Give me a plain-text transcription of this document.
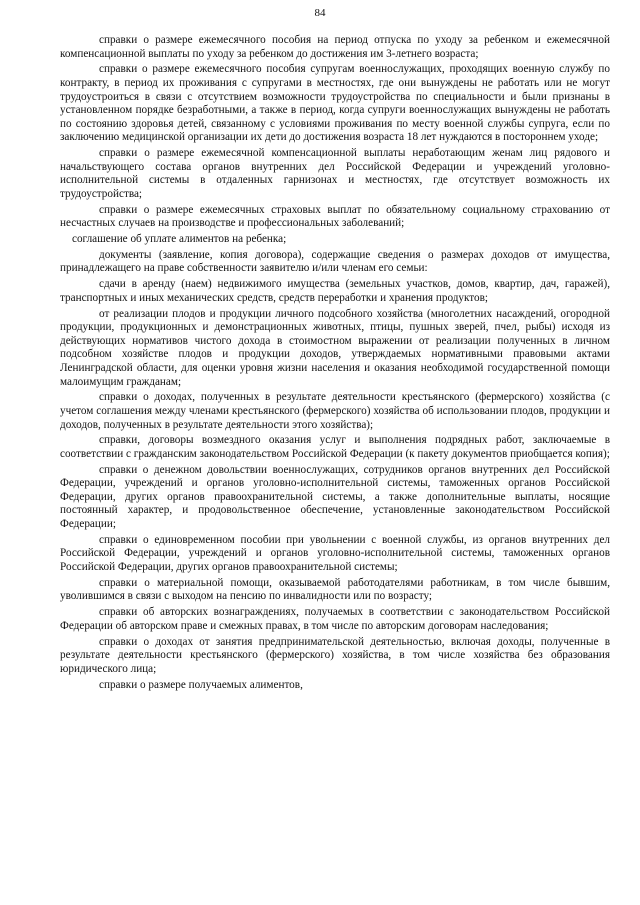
84

справки о размере ежемесячного пособия на период отпуска по уходу за ребенком и ежемесячной компенсационной выплаты по уходу за ребенком до достижения им 3-летнего возраста;

справки о размере ежемесячного пособия супругам военнослужащих, проходящих военную службу по контракту, в период их проживания с супругами в местностях, где они вынуждены не работать или не могут трудоустроиться в связи с отсутствием возможности трудоустройства по специальности и были признаны в установленном порядке безработными, а также в период, когда супруги военнослужащих вынуждены не работать по состоянию здоровья детей, связанному с условиями проживания по месту военной службы супруга, если по заключению медицинской организации их дети до достижения возраста 18 лет нуждаются в постороннем уходе;

справки о размере ежемесячной компенсационной выплаты неработающим женам лиц рядового и начальствующего состава органов внутренних дел Российской Федерации и учреждений уголовно-исполнительной системы в отдаленных гарнизонах и местностях, где отсутствует возможность их трудоустройства;

справки о размере ежемесячных страховых выплат по обязательному социальному страхованию от несчастных случаев на производстве и профессиональных заболеваний;

соглашение об уплате алиментов на ребенка;

документы (заявление, копия договора), содержащие сведения о размерах доходов от имущества, принадлежащего на праве собственности заявителю и/или членам его семьи:

сдачи в аренду (наем) недвижимого имущества (земельных участков, домов, квартир, дач, гаражей), транспортных и иных механических средств, средств переработки и хранения продуктов;

от реализации плодов и продукции личного подсобного хозяйства (многолетних насаждений, огородной продукции, продукционных и демонстрационных животных, птицы, пушных зверей, пчел, рыбы) исходя из действующих нормативов чистого дохода в стоимостном выражении от реализации полученных в личном подсобном хозяйстве плодов и продукции доходов, утверждаемых нормативными правовыми актами Ленинградской области, для оценки уровня жизни населения и оказания необходимой государственной помощи малоимущим гражданам;

справки о доходах, полученных в результате деятельности крестьянского (фермерского) хозяйства (с учетом соглашения между членами крестьянского (фермерского) хозяйства об использовании плодов, продукции и доходов, полученных в результате деятельности этого хозяйства);

справки, договоры возмездного оказания услуг и выполнения подрядных работ, заключаемые в соответствии с гражданским законодательством Российской Федерации (к пакету документов приобщается копия);

справки о денежном довольствии военнослужащих, сотрудников органов внутренних дел Российской Федерации, учреждений и органов уголовно-исполнительной системы, таможенных органов Российской Федерации, других органов правоохранительной системы, а также дополнительные выплаты, носящие постоянный характер, и продовольственное обеспечение, установленные законодательством Российской Федерации;

справки о единовременном пособии при увольнении с военной службы, из органов внутренних дел Российской Федерации, учреждений и органов уголовно-исполнительной системы, таможенных органов Российской Федерации, других органов правоохранительной системы;

справки о материальной помощи, оказываемой работодателями работникам, в том числе бывшим, уволившимся в связи с выходом на пенсию по инвалидности или по возрасту;

справки об авторских вознаграждениях, получаемых в соответствии с законодательством Российской Федерации об авторском праве и смежных правах, в том числе по авторским договорам наследования;

справки о доходах от занятия предпринимательской деятельностью, включая доходы, полученные в результате деятельности крестьянского (фермерского) хозяйства, в том числе хозяйства без образования юридического лица;

справки о размере получаемых алиментов,
